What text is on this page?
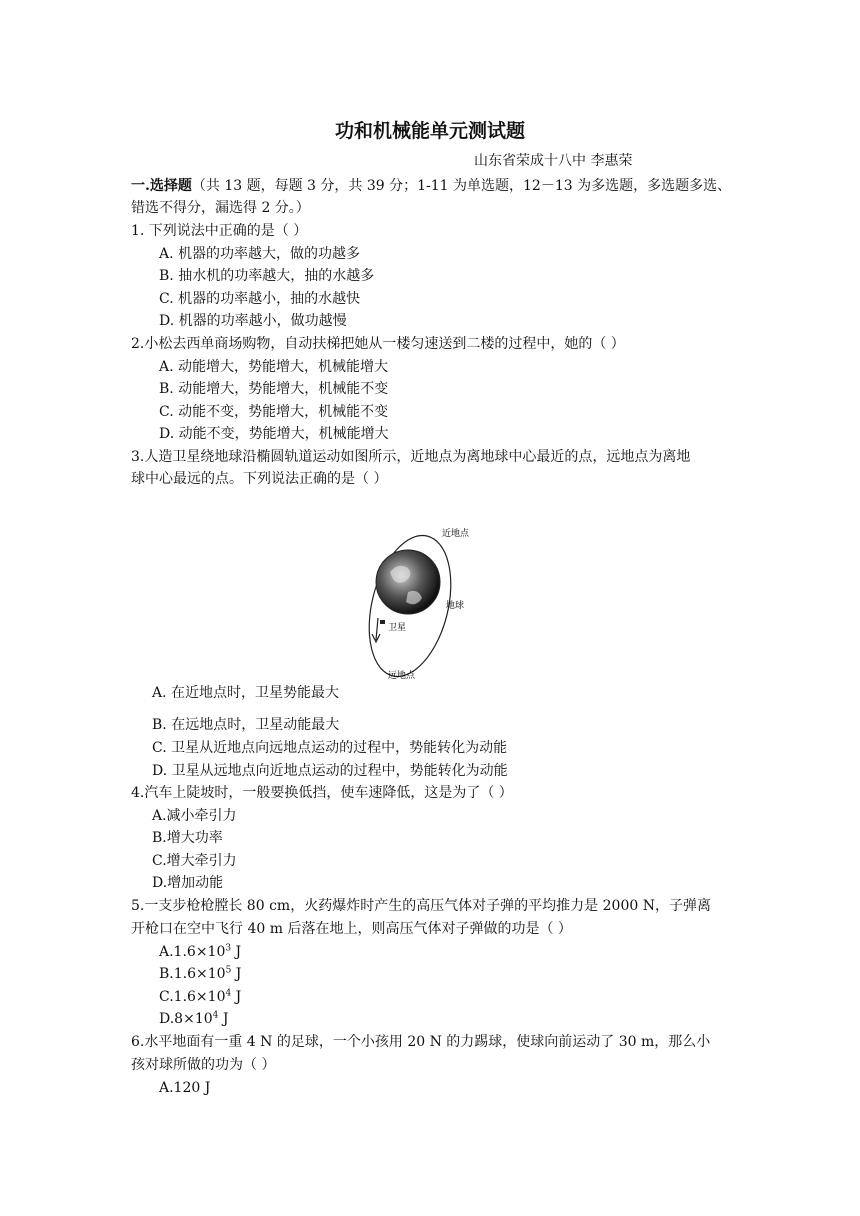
功和机械能单元测试题
山东省荣成十八中 李惠荣
一.选择题（共 13 题，每题 3 分，共 39 分；1-11 为单选题，12－13 为多选题，多选题多选、
错选不得分，漏选得 2 分。）
1. 下列说法中正确的是（ ）
A. 机器的功率越大，做的功越多
B. 抽水机的功率越大，抽的水越多
C. 机器的功率越小，抽的水越快
D. 机器的功率越小，做功越慢
2.小松去西单商场购物，自动扶梯把她从一楼匀速送到二楼的过程中，她的（ ）
A. 动能增大，势能增大，机械能增大
B. 动能增大，势能增大，机械能不变
C. 动能不变，势能增大，机械能不变
D. 动能不变，势能增大，机械能增大
3.人造卫星绕地球沿椭圆轨道运动如图所示，近地点为离地球中心最近的点，远地点为离地
球中心最远的点。下列说法正确的是（ ）
近地点
地球
卫星
远地点
A. 在近地点时，卫星势能最大
B. 在远地点时，卫星动能最大
C. 卫星从近地点向远地点运动的过程中，势能转化为动能
D. 卫星从远地点向近地点运动的过程中，势能转化为动能
4.汽车上陡坡时，一般要换低挡，使车速降低，这是为了（ ）
A.减小牵引力
B.增大功率
C.增大牵引力
D.增加动能
5.一支步枪枪膛长 80 cm，火药爆炸时产生的高压气体对子弹的平均推力是 2000 N，子弹离
开枪口在空中飞行 40 m 后落在地上，则高压气体对子弹做的功是（ ）
$A.1.6\times 10^3$ J
$B.1.6\times 10^5$ J
$C.1.6\times 10^4$ J
$D.8\times 10^4$ J
6.水平地面有一重 4 N 的足球，一个小孩用 20 N 的力踢球，使球向前运动了 30 m，那么小
孩对球所做的功为（ ）
A.120 J
